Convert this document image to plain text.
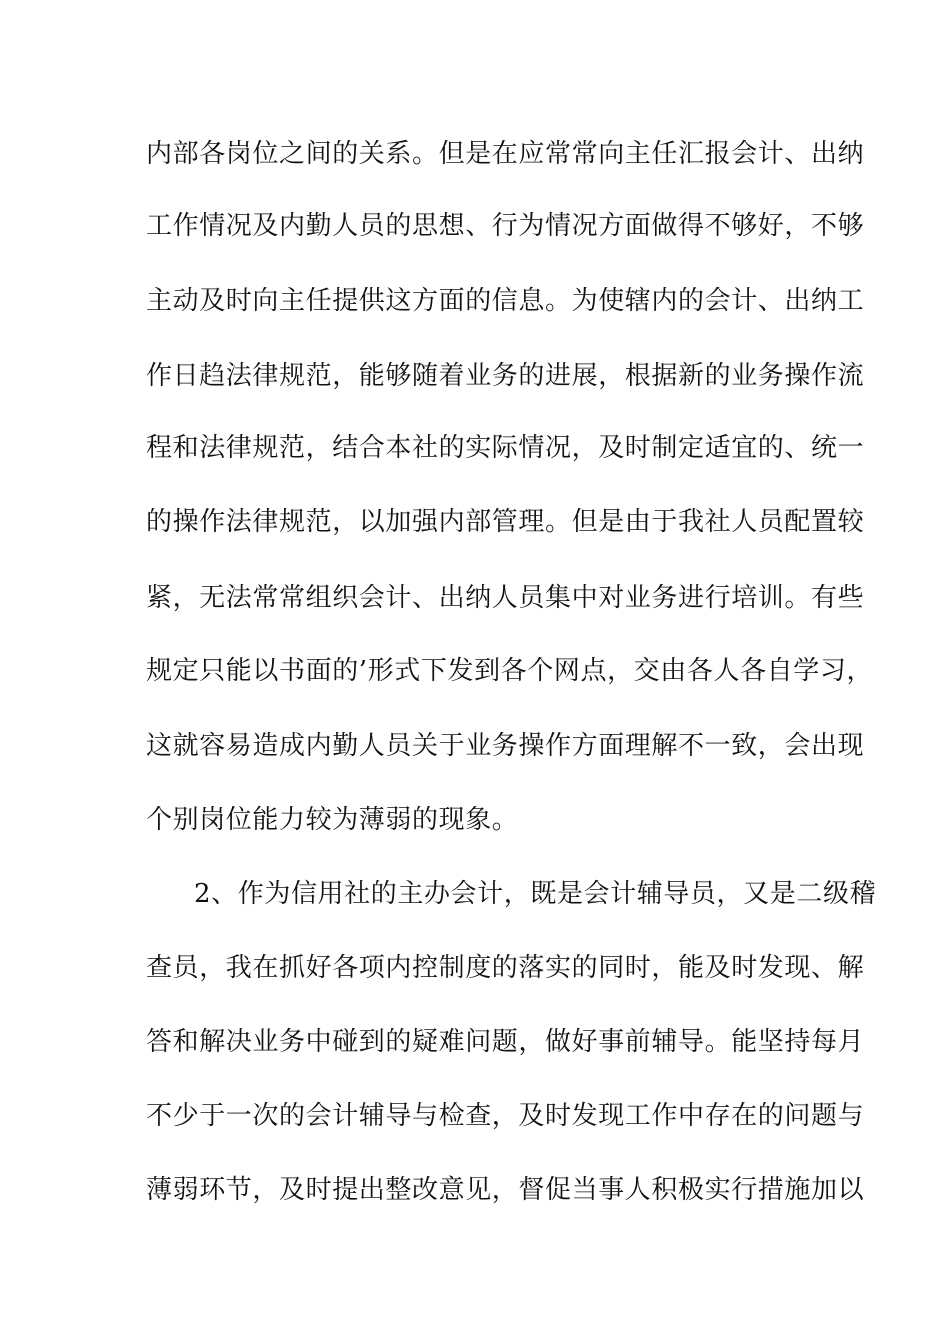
内部各岗位之间的关系。但是在应常常向主任汇报会计、出纳
工作情况及内勤人员的思想、行为情况方面做得不够好，不够
主动及时向主任提供这方面的信息。为使辖内的会计、出纳工
作日趋法律规范，能够随着业务的进展，根据新的业务操作流
程和法律规范，结合本社的实际情况，及时制定适宜的、统一
的操作法律规范，以加强内部管理。但是由于我社人员配置较
紧，无法常常组织会计、出纳人员集中对业务进行培训。有些
规定只能以书面的’形式下发到各个网点，交由各人各自学习，
这就容易造成内勤人员关于业务操作方面理解不一致，会出现
个别岗位能力较为薄弱的现象。
2、作为信用社的主办会计，既是会计辅导员，又是二级稽
查员，我在抓好各项内控制度的落实的同时，能及时发现、解
答和解决业务中碰到的疑难问题，做好事前辅导。能坚持每月
不少于一次的会计辅导与检查，及时发现工作中存在的问题与
薄弱环节，及时提出整改意见，督促当事人积极实行措施加以
